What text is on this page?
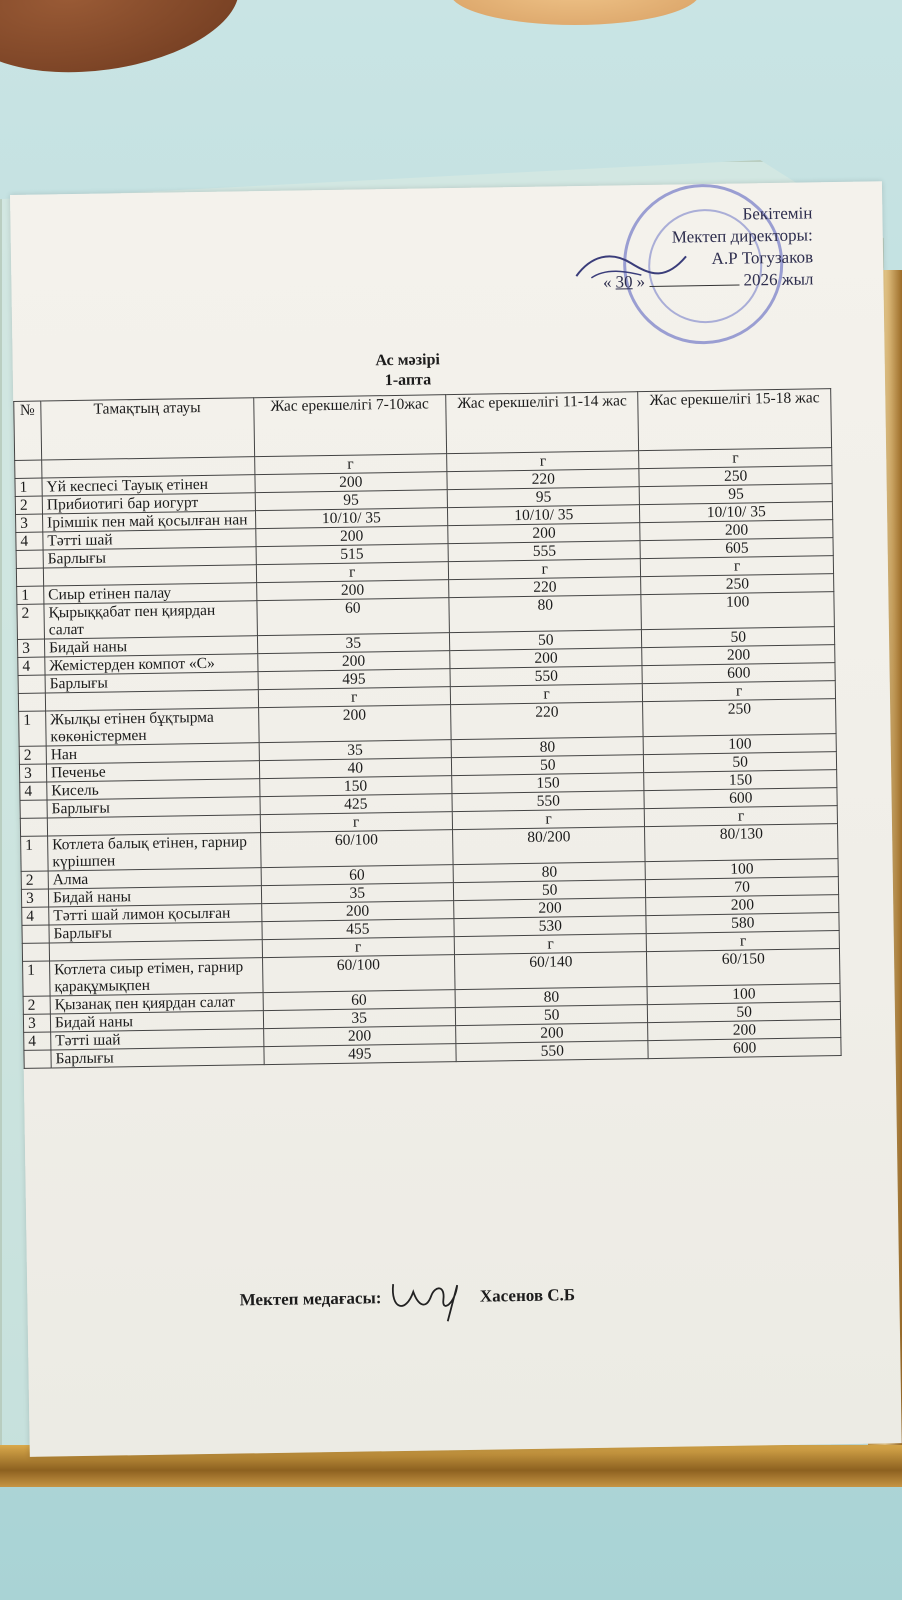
Бекітемін
Мектеп директоры:
А.Р Тогузаков
« 30 »	2026 жыл
Ас мәзірі
1-апта
№	Тамақтың атауы	Жас ерекшелігі 7-10жас	Жас ерекшелігі 11-14 жас	Жас ерекшелігі 15-18 жас
		г	г	г
1	Үй кеспесі Тауық етінен	200	220	250
2	Прибиотигі бар иогурт	95	95	95
3	Ірімшік пен май қосылған нан	10/10/ 35	10/10/ 35	10/10/ 35
4	Тәтті шай	200	200	200
	Барлығы	515	555	605
		г	г	г
1	Сиыр етінен палау	200	220	250
2	Қырыққабат пен қиярдан салат	60	80	100
3	Бидай наны	35	50	50
4	Жемістерден компот «С»	200	200	200
	Барлығы	495	550	600
		г	г	г
1	Жылқы етінен бұқтырма көкөністермен	200	220	250
2	Нан	35	80	100
3	Печенье	40	50	50
4	Кисель	150	150	150
	Барлығы	425	550	600
		г	г	г
1	Котлета балық етінен, гарнир күрішпен	60/100	80/200	80/130
2	Алма	60	80	100
3	Бидай наны	35	50	70
4	Тәтті шай лимон қосылған	200	200	200
	Барлығы	455	530	580
		г	г	г
1	Котлета сиыр етімен, гарнир қарақұмықпен	60/100	60/140	60/150
2	Қызанақ пен қиярдан салат	60	80	100
3	Бидай наны	35	50	50
4	Тәтті шай	200	200	200
	Барлығы	495	550	600
Мектеп медағасы:	Хасенов С.Б
